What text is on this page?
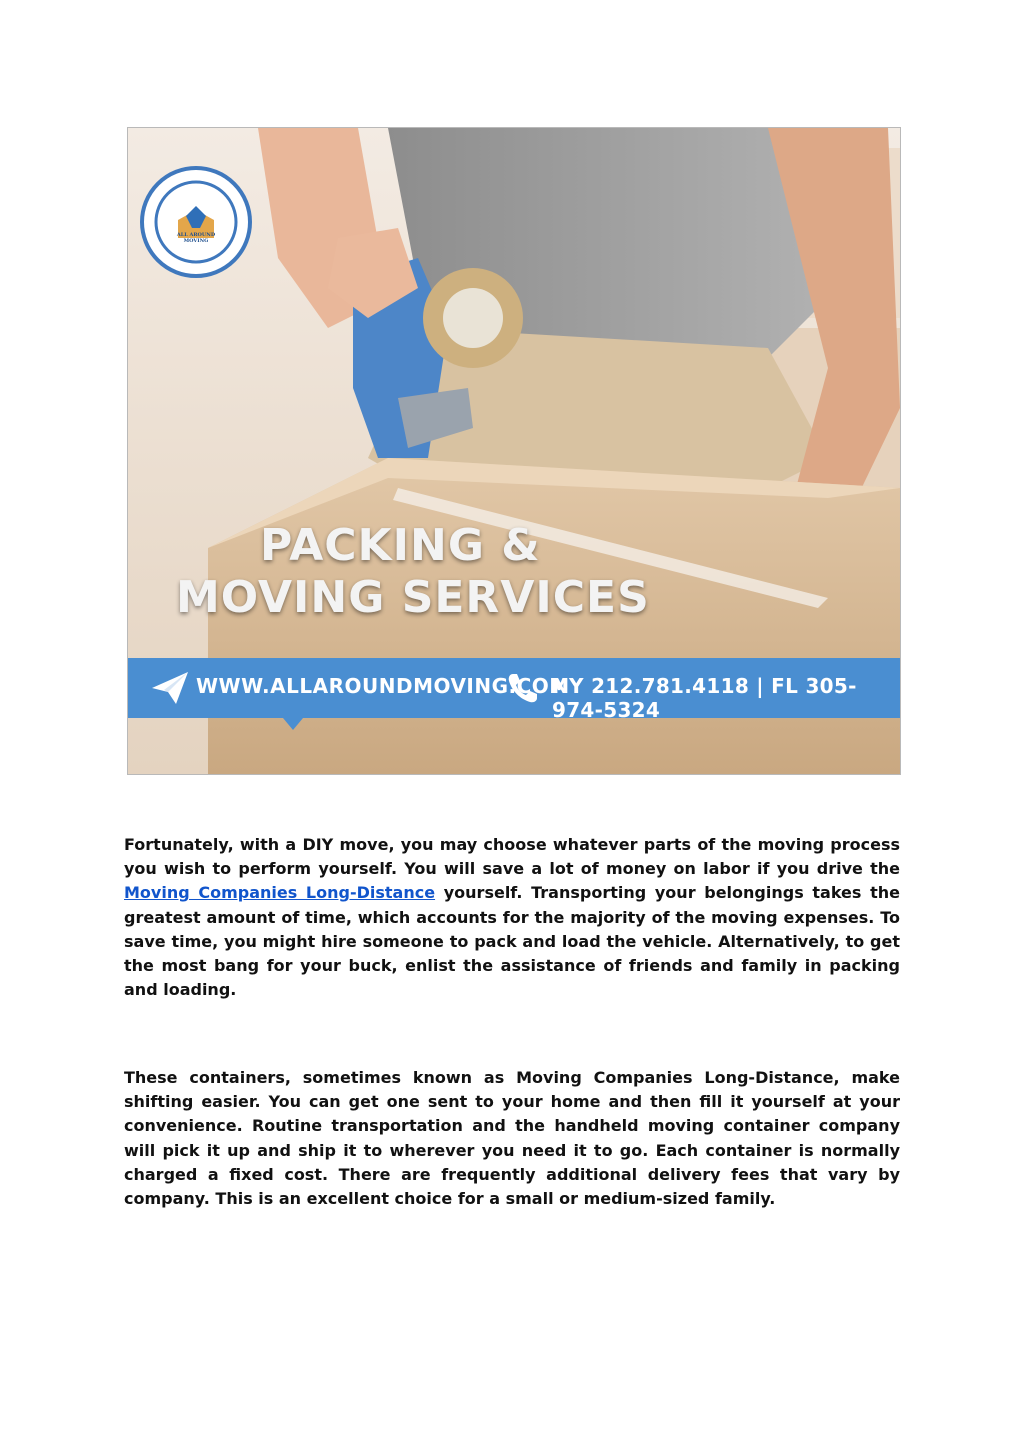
ALL AROUND MOVING
PACKING &
MOVING SERVICES
WWW.ALLAROUNDMOVING.COM
NY 212.781.4118 | FL 305-974-5324

Fortunately, with a DIY move, you may choose whatever parts of the moving process you wish to perform yourself. You will save a lot of money on labor if you drive the Moving Companies Long-Distance yourself. Transporting your belongings takes the greatest amount of time, which accounts for the majority of the moving expenses. To save time, you might hire someone to pack and load the vehicle. Alternatively, to get the most bang for your buck, enlist the assistance of friends and family in packing and loading.

These containers, sometimes known as Moving Companies Long-Distance, make shifting easier. You can get one sent to your home and then fill it yourself at your convenience. Routine transportation and the handheld moving container company will pick it up and ship it to wherever you need it to go. Each container is normally charged a fixed cost. There are frequently additional delivery fees that vary by company. This is an excellent choice for a small or medium-sized family.
